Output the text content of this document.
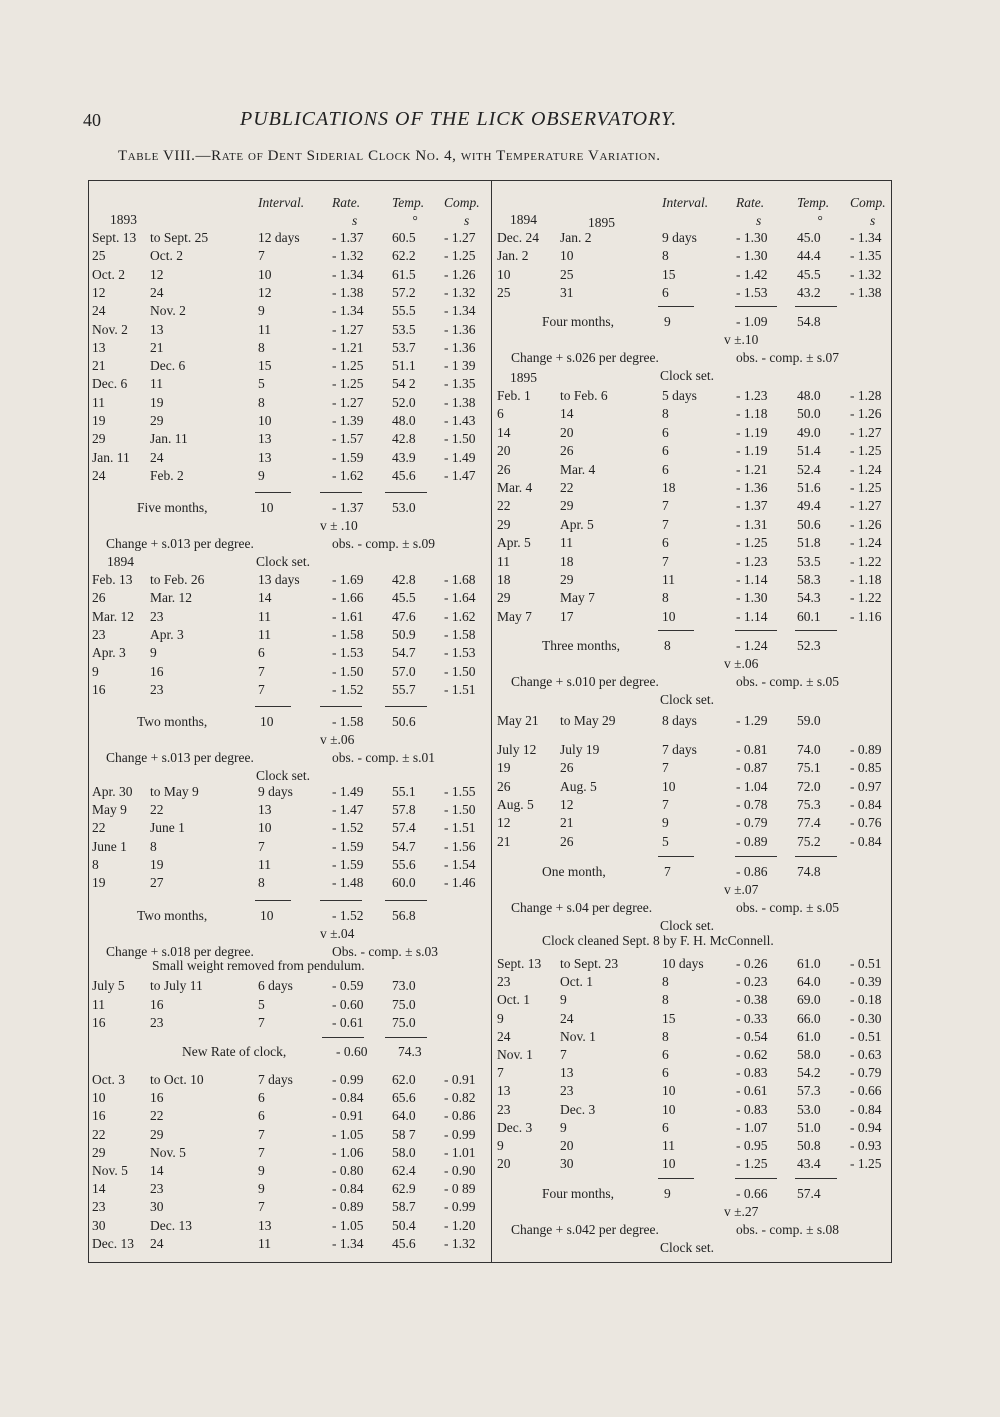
40	PUBLICATIONS OF THE LICK OBSERVATORY.
Table VIII.—Rate of Dent Siderial Clock No. 4, with Temperature Variation.
Interval. Rate. Temp. Comp.
s	°	s
1893
Sept. 13 to Sept. 25	12 days - 1.37 60.5 - 1.27
25	Oct. 2	7	- 1.32 62.2 - 1.25
Oct. 2 12	10	- 1.34 61.5 - 1.26
12	24	12	- 1.38 57.2 - 1.32
24	Nov. 2	9	- 1.34 55.5 - 1.34
Nov. 2 13	11	- 1.27 53.5 - 1.36
13	21	8	- 1.21 53.7 - 1.36
21	Dec. 6	15	- 1.25 51.1 - 1 39
Dec. 6 11	5	- 1.25 54 2 - 1.35
11	19	8	- 1.27 52.0 - 1.38
19	29	10	- 1.39 48.0 - 1.43
29	Jan. 11	13	- 1.57 42.8 - 1.50
Jan. 11 24	13	- 1.59 43.9 - 1.49
24	Feb. 2	9	- 1.62 45.6 - 1.47
Five months,	10	- 1.37 53.0
v ± .10
Change + s.013 per degree.	obs. - comp. ± s.09
Clock set.
1894
Feb. 13 to Feb. 26	13 days - 1.69 42.8 - 1.68
26	Mar. 12	14	- 1.66 45.5 - 1.64
Mar. 12 23	11	- 1.61 47.6 - 1.62
23	Apr. 3	11	- 1.58 50.9 - 1.58
Apr. 3 9	6	- 1.53 54.7 - 1.53
9	16	7	- 1.50 57.0 - 1.50
16	23	7	- 1.52 55.7 - 1.51
Two months,	10	- 1.58 50.6
v ±.06
Change + s.013 per degree.	obs. - comp. ± s.01
Clock set.
Apr. 30 to May 9	9 days	- 1.49 55.1 - 1.55
May 9 22	13	- 1.47 57.8 - 1.50
22	June 1	10	- 1.52 57.4 - 1.51
June 1 8	7	- 1.59 54.7 - 1.56
8	19	11	- 1.59 55.6 - 1.54
19	27	8	- 1.48 60.0 - 1.46
Two months,	10	- 1.52 56.8
v ±.04
Change + s.018 per degree.	Obs. - comp. ± s.03
Small weight removed from pendulum.
July 5 to July 11	6 days	- 0.59 73.0
11	16	5	- 0.60 75.0
16	23	7	- 0.61 75.0
New Rate of clock,	- 0.60 74.3
Oct. 3 to Oct. 10	7 days	- 0.99 62.0 - 0.91
10	16	6	- 0.84 65.6 - 0.82
16	22	6	- 0.91 64.0 - 0.86
22	29	7	- 1.05 58 7 - 0.99
29	Nov. 5	7	- 1.06 58.0 - 1.01
Nov. 5 14	9	- 0.80 62.4 - 0.90
14	23	9	- 0.84 62.9 - 0 89
23	30	7	- 0.89 58.7 - 0.99
30	Dec. 13	13	- 1.05 50.4 - 1.20
Dec. 13 24	11	- 1.34 45.6 - 1.32
Interval. Rate. Temp. Comp.
s	°	s
1894	1895
Dec. 24 Jan. 2	9 days	- 1.30 45.0 - 1.34
Jan. 2 10	8	- 1.30 44.4 - 1.35
10	25	15	- 1.42 45.5 - 1.32
25	31	6	- 1.53 43.2 - 1.38
Four months,	9	- 1.09 54.8
v ±.10
Change + s.026 per degree.	obs. - comp. ± s.07
Clock set.
1895
Feb. 1 to Feb. 6	5 days	- 1.23 48.0 - 1.28
6	14	8	- 1.18 50.0 - 1.26
14	20	6	- 1.19 49.0 - 1.27
20	26	6	- 1.19 51.4 - 1.25
26	Mar. 4	6	- 1.21 52.4 - 1.24
Mar. 4 22	18	- 1.36 51.6 - 1.25
22	29	7	- 1.37 49.4 - 1.27
29	Apr. 5	7	- 1.31 50.6 - 1.26
Apr. 5 11	6	- 1.25 51.8 - 1.24
11	18	7	- 1.23 53.5 - 1.22
18	29	11	- 1.14 58.3 - 1.18
29	May 7	8	- 1.30 54.3 - 1.22
May 7 17	10	- 1.14 60.1 - 1.16
Three months,	8	- 1.24 52.3
v ±.06
Change + s.010 per degree.	obs. - comp. ± s.05
Clock set.
May 21 to May 29	8 days	- 1.29 59.0
July 12 July 19	7 days	- 0.81 74.0 - 0.89
19	26	7	- 0.87 75.1 - 0.85
26	Aug. 5	10	- 1.04 72.0 - 0.97
Aug. 5 12	7	- 0.78 75.3 - 0.84
12	21	9	- 0.79 77.4 - 0.76
21	26	5	- 0.89 75.2 - 0.84
One month,	7	- 0.86 74.8
v ±.07
Change + s.04 per degree.	obs. - comp. ± s.05
Clock set.
Clock cleaned Sept. 8 by F. H. McConnell.
Sept. 13 to Sept. 23	10 days - 0.26 61.0 - 0.51
23	Oct. 1	8	- 0.23 64.0 - 0.39
Oct. 1 9	8	- 0.38 69.0 - 0.18
9	24	15	- 0.33 66.0 - 0.30
24	Nov. 1	8	- 0.54 61.0 - 0.51
Nov. 1 7	6	- 0.62 58.0 - 0.63
7	13	6	- 0.83 54.2 - 0.79
13	23	10	- 0.61 57.3 - 0.66
23	Dec. 3	10	- 0.83 53.0 - 0.84
Dec. 3 9	6	- 1.07 51.0 - 0.94
9	20	11	- 0.95 50.8 - 0.93
20	30	10	- 1.25 43.4 - 1.25
Four months,	9	- 0.66 57.4
v ±.27
Change + s.042 per degree.	obs. - comp. ± s.08
Clock set.
